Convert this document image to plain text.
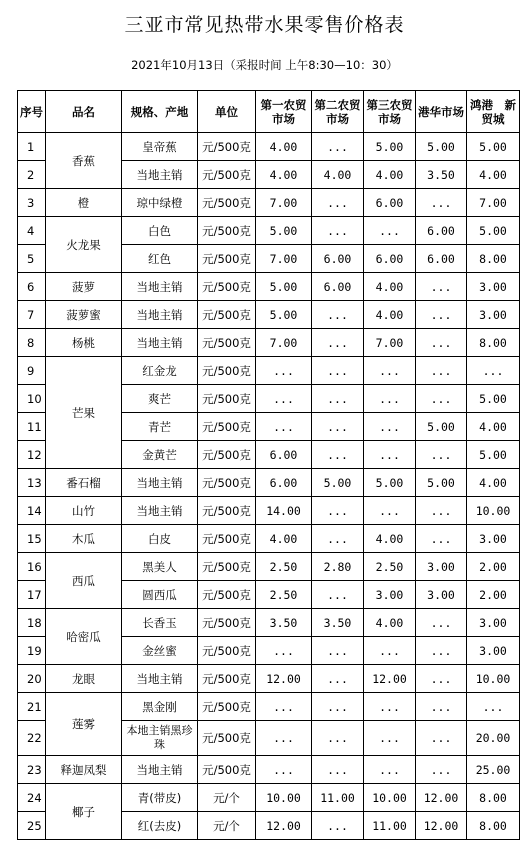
三亚市常见热带水果零售价格表
2021年10月13日（采报时间 上午8:30—10：30）
序号	品名	规格、产地	单位	第一农贸市场	第二农贸市场	第三农贸市场	港华市场	鸿港　新贸城
1	香蕉	皇帝蕉	元/500克	4.00	...	5.00	5.00	5.00
2		当地主销	元/500克	4.00	4.00	4.00	3.50	4.00
3	橙	琼中绿橙	元/500克	7.00	...	6.00	...	7.00
4	火龙果	白色	元/500克	5.00	...	...	6.00	5.00
5		红色	元/500克	7.00	6.00	6.00	6.00	8.00
6	菠萝	当地主销	元/500克	5.00	6.00	4.00	...	3.00
7	菠萝蜜	当地主销	元/500克	5.00	...	4.00	...	3.00
8	杨桃	当地主销	元/500克	7.00	...	7.00	...	8.00
9	芒果	红金龙	元/500克	...	...	...	...	...
10		爽芒	元/500克	...	...	...	...	5.00
11		青芒	元/500克	...	...	...	5.00	4.00
12		金黄芒	元/500克	6.00	...	...	...	5.00
13	番石榴	当地主销	元/500克	6.00	5.00	5.00	5.00	4.00
14	山竹	当地主销	元/500克	14.00	...	...	...	10.00
15	木瓜	白皮	元/500克	4.00	...	4.00	...	3.00
16	西瓜	黑美人	元/500克	2.50	2.80	2.50	3.00	2.00
17		圆西瓜	元/500克	2.50	...	3.00	3.00	2.00
18	哈密瓜	长香玉	元/500克	3.50	3.50	4.00	...	3.00
19		金丝蜜	元/500克	...	...	...	...	3.00
20	龙眼	当地主销	元/500克	12.00	...	12.00	...	10.00
21	莲雾	黑金刚	元/500克	...	...	...	...	...
22		本地主销黑珍珠	元/500克	...	...	...	...	20.00
23	释迦凤梨	当地主销	元/500克	...	...	...	...	25.00
24	椰子	青(带皮)	元/个	10.00	11.00	10.00	12.00	8.00
25		红(去皮)	元/个	12.00	...	11.00	12.00	8.00
